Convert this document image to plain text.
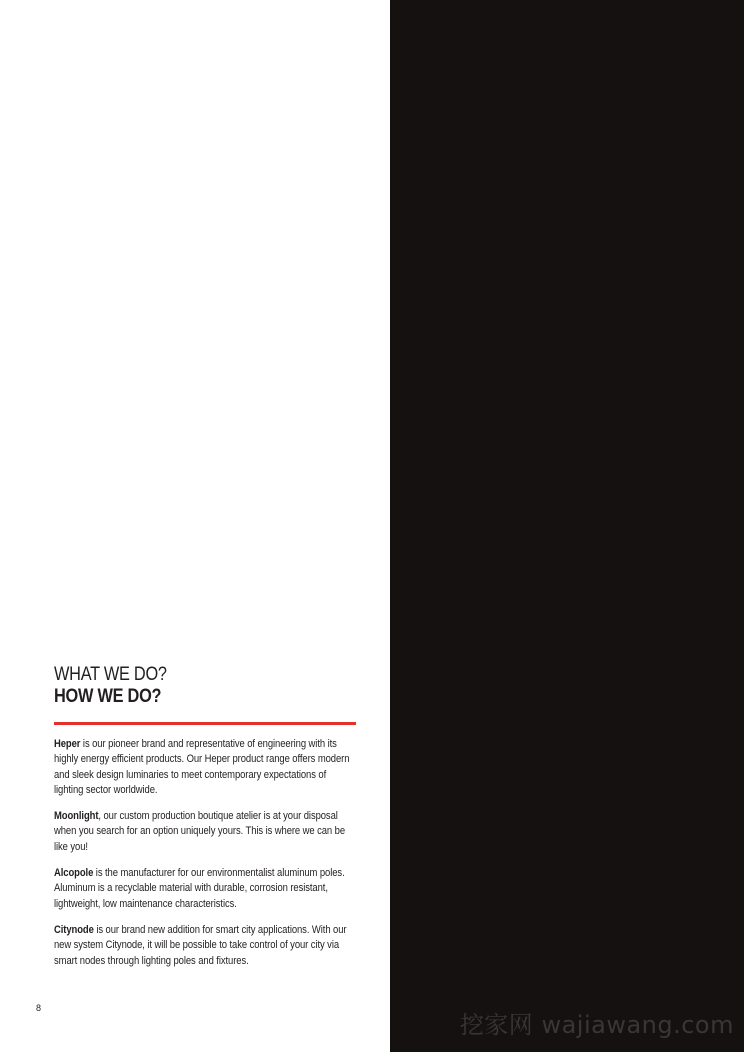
WHAT WE DO?
HOW WE DO?

Heper is our pioneer brand and representative of engineering with its highly energy efficient products. Our Heper product range offers modern and sleek design luminaries to meet contemporary expectations of lighting sector worldwide.

Moonlight, our custom production boutique atelier is at your disposal when you search for an option uniquely yours. This is where we can be like you!

Alcopole is the manufacturer for our environmentalist aluminum poles. Aluminum is a recyclable material with durable, corrosion resistant, lightweight, low maintenance characteristics.

Citynode is our brand new addition for smart city applications. With our new system Citynode, it will be possible to take control of your city via smart nodes through lighting poles and fixtures.

8
挖家网 wajiawang.com
